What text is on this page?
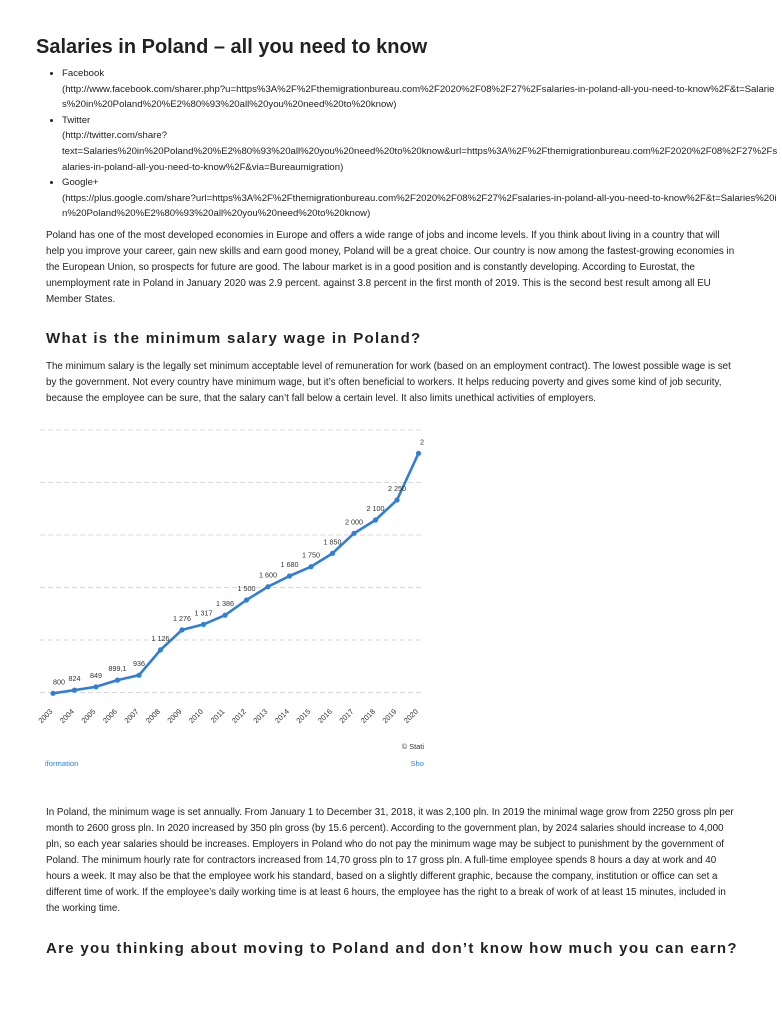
Salaries in Poland – all you need to know
• Facebook
(http://www.facebook.com/sharer.php?u=https%3A%2F%2Fthemigrationbureau.com%2F2020%2F08%2F27%2Fsalaries-in-poland-all-you-need-to-know%2F&t=Salaries%20in%20Poland%20%E2%80%93%20all%20you%20need%20to%20know)
• Twitter
(http://twitter.com/share?
text=Salaries%20in%20Poland%20%E2%80%93%20all%20you%20need%20to%20know&url=https%3A%2F%2Fthemigrationbureau.com%2F2020%2F08%2F27%2Fsalaries-in-poland-all-you-need-to-know%2F&via=Bureaumigration)
• Google+
(https://plus.google.com/share?url=https%3A%2F%2Fthemigrationbureau.com%2F2020%2F08%2F27%2Fsalaries-in-poland-all-you-need-to-know%2F&t=Salaries%20in%20Poland%20%E2%80%93%20all%20you%20need%20to%20know)

Poland has one of the most developed economies in Europe and offers a wide range of jobs and income levels. If you think about living in a country that will help you improve your career, gain new skills and earn good money, Poland will be a great choice. Our country is now among the fastest-growing economies in the European Union, so prospects for future are good. The labour market is in a good position and is constantly developing. According to Eurostat, the unemployment rate in Poland in January 2020 was 2.9 percent. against 3.8 percent in the first month of 2019. This is the second best result among all EU Member States.

What is the minimum salary wage in Poland?

The minimum salary is the legally set minimum acceptable level of remuneration for work (based on an employment contract). The lowest possible wage is set by the government. Not every country have minimum wage, but it’s often beneficial to workers. It helps reducing poverty and gives some kind of job security, because the employee can be sure, that the salary can’t fall below a certain level. It also limits unethical activities of employers.

800 824 849
899,1
936
1 126
1 276
1 317
1 386
1 500
1 600
1 680
1 750
1 850
2 000
2 100
2 250
2
2003 2004 2005 2006 2007 2008 2009 2010 2011 2012 2013 2014 2015 2016 2017 2018 2019 2020
© Stati
iformation	Sho

In Poland, the minimum wage is set annually. From January 1 to December 31, 2018, it was 2,100 pln. In 2019 the minimal wage grow from 2250 gross pln per month to 2600 gross pln. In 2020 increased by 350 pln gross (by 15.6 percent). According to the government plan, by 2024 salaries should increase to 4,000 pln, so each year salaries should be increases. Employers in Poland who do not pay the minimum wage may be subject to punishment by the government of Poland. The minimum hourly rate for contractors increased from 14,70 gross pln to 17 gross pln. A full-time employee spends 8 hours a day at work and 40 hours a week. It may also be that the employee work his standard, based on a slightly different graphic, because the company, institution or office can set a different time of work. If the employee’s daily working time is at least 6 hours, the employee has the right to a break of work of at least 15 minutes, included in the working time.

Are you thinking about moving to Poland and don’t know how much you can earn?
